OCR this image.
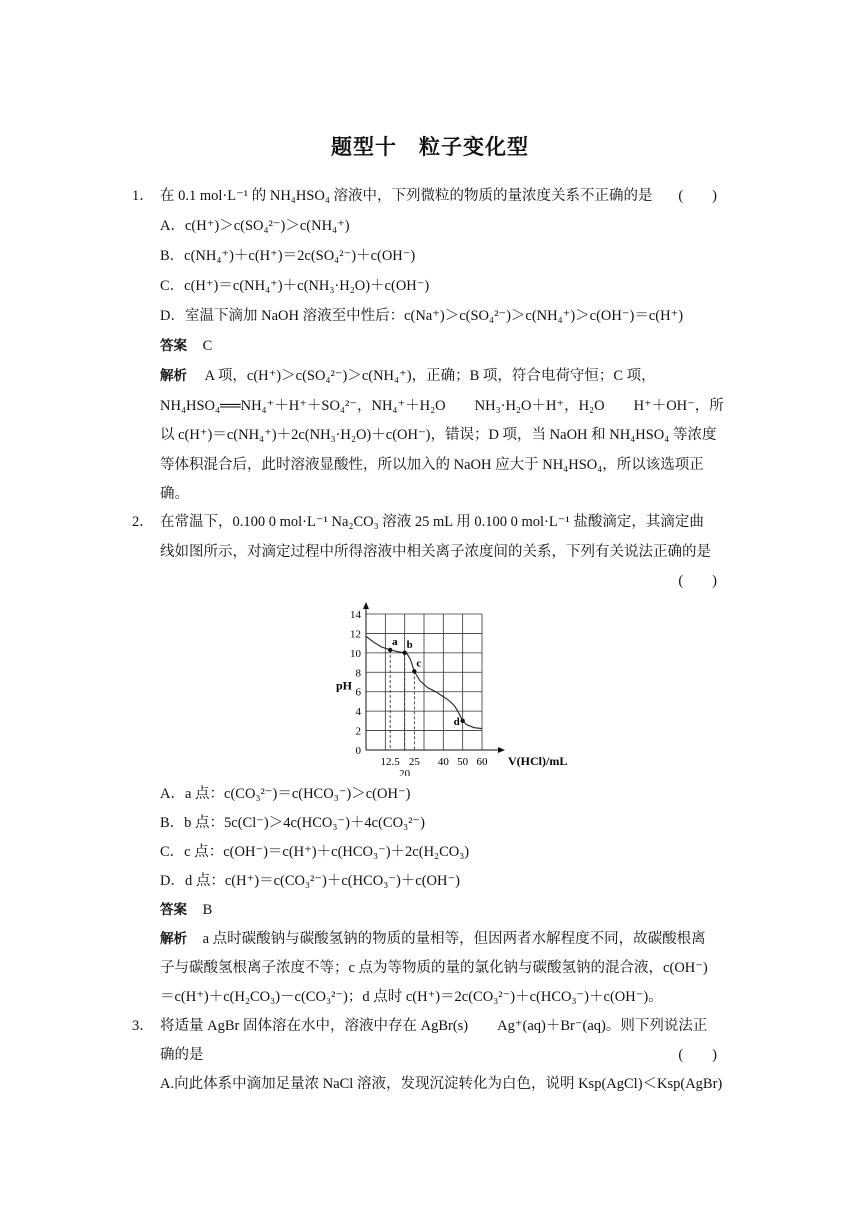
题型十　粒子变化型
1． 在 0.1 mol·L⁻¹ 的 NH₄HSO₄ 溶液中，下列微粒的物质的量浓度关系不正确的是 (　　)
A．c(H⁺)＞c(SO₄²⁻)＞c(NH₄⁺)
B．c(NH₄⁺)＋c(H⁺)＝2c(SO₄²⁻)＋c(OH⁻)
C．c(H⁺)＝c(NH₄⁺)＋c(NH₃·H₂O)＋c(OH⁻)
D．室温下滴加 NaOH 溶液至中性后：c(Na⁺)＞c(SO₄²⁻)＞c(NH₄⁺)＞c(OH⁻)＝c(H⁺)
答案 C
解析 A 项，c(H⁺)＞c(SO₄²⁻)＞c(NH₄⁺)，正确；B 项，符合电荷守恒；C 项，
NH₄HSO₄══NH₄⁺＋H⁺＋SO₄²⁻，NH₄⁺＋H₂O　　NH₃·H₂O＋H⁺，H₂O　　H⁺＋OH⁻，所
以 c(H⁺)＝c(NH₄⁺)＋2c(NH₃·H₂O)＋c(OH⁻)，错误；D 项，当 NaOH 和 NH₄HSO₄ 等浓度
等体积混合后，此时溶液显酸性，所以加入的 NaOH 应大于 NH₄HSO₄，所以该选项正
确。
2． 在常温下，0.100 0 mol·L⁻¹ Na₂CO₃ 溶液 25 mL 用 0.100 0 mol·L⁻¹ 盐酸滴定，其滴定曲
线如图所示，对滴定过程中所得溶液中相关离子浓度间的关系，下列有关说法正确的是
(　　)
0
2
4
6
8
10
12
14
12.5 25 40 50 60
20
a b
c
d
pH
V(HCl)/mL
A．a 点：c(CO₃²⁻)＝c(HCO₃⁻)＞c(OH⁻)
B．b 点：5c(Cl⁻)＞4c(HCO₃⁻)＋4c(CO₃²⁻)
C．c 点：c(OH⁻)＝c(H⁺)＋c(HCO₃⁻)＋2c(H₂CO₃)
D．d 点：c(H⁺)＝c(CO₃²⁻)＋c(HCO₃⁻)＋c(OH⁻)
答案 B
解析 a 点时碳酸钠与碳酸氢钠的物质的量相等，但因两者水解程度不同，故碳酸根离
子与碳酸氢根离子浓度不等；c 点为等物质的量的氯化钠与碳酸氢钠的混合液，c(OH⁻)
＝c(H⁺)＋c(H₂CO₃)－c(CO₃²⁻)；d 点时 c(H⁺)＝2c(CO₃²⁻)＋c(HCO₃⁻)＋c(OH⁻)。
3． 将适量 AgBr 固体溶在水中，溶液中存在 AgBr(s)　　Ag⁺(aq)＋Br⁻(aq)。则下列说法正
确的是	(　　)
A.向此体系中滴加足量浓 NaCl 溶液，发现沉淀转化为白色，说明 Ksp(AgCl)＜Ksp(AgBr)
